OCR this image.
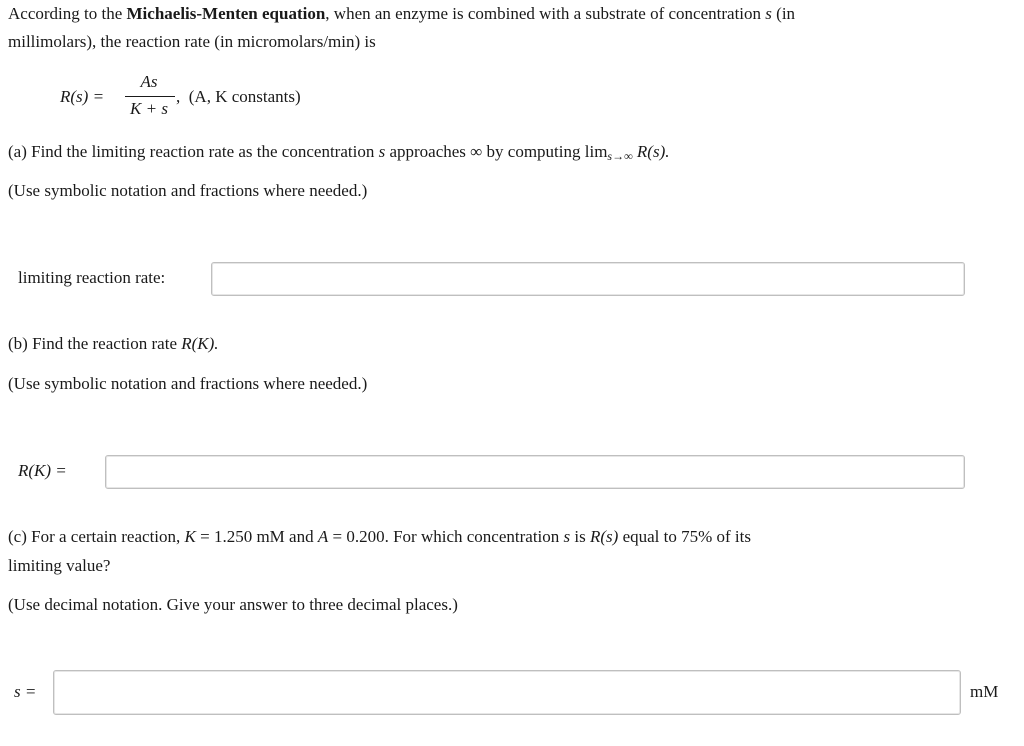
According to the Michaelis-Menten equation, when an enzyme is combined with a substrate of concentration s (in
millimolars), the reaction rate (in micromolars/min) is
R(s) =
As
K + s
, (A, K constants)
(a) Find the limiting reaction rate as the concentration s approaches ∞ by computing $\lim_{s\to\infty} R(s)$.
(Use symbolic notation and fractions where needed.)
limiting reaction rate:
(b) Find the reaction rate R(K).
(Use symbolic notation and fractions where needed.)
R(K) =
(c) For a certain reaction, K = 1.250 mM and A = 0.200. For which concentration s is R(s) equal to 75% of its
limiting value?
(Use decimal notation. Give your answer to three decimal places.)
s =	mM
